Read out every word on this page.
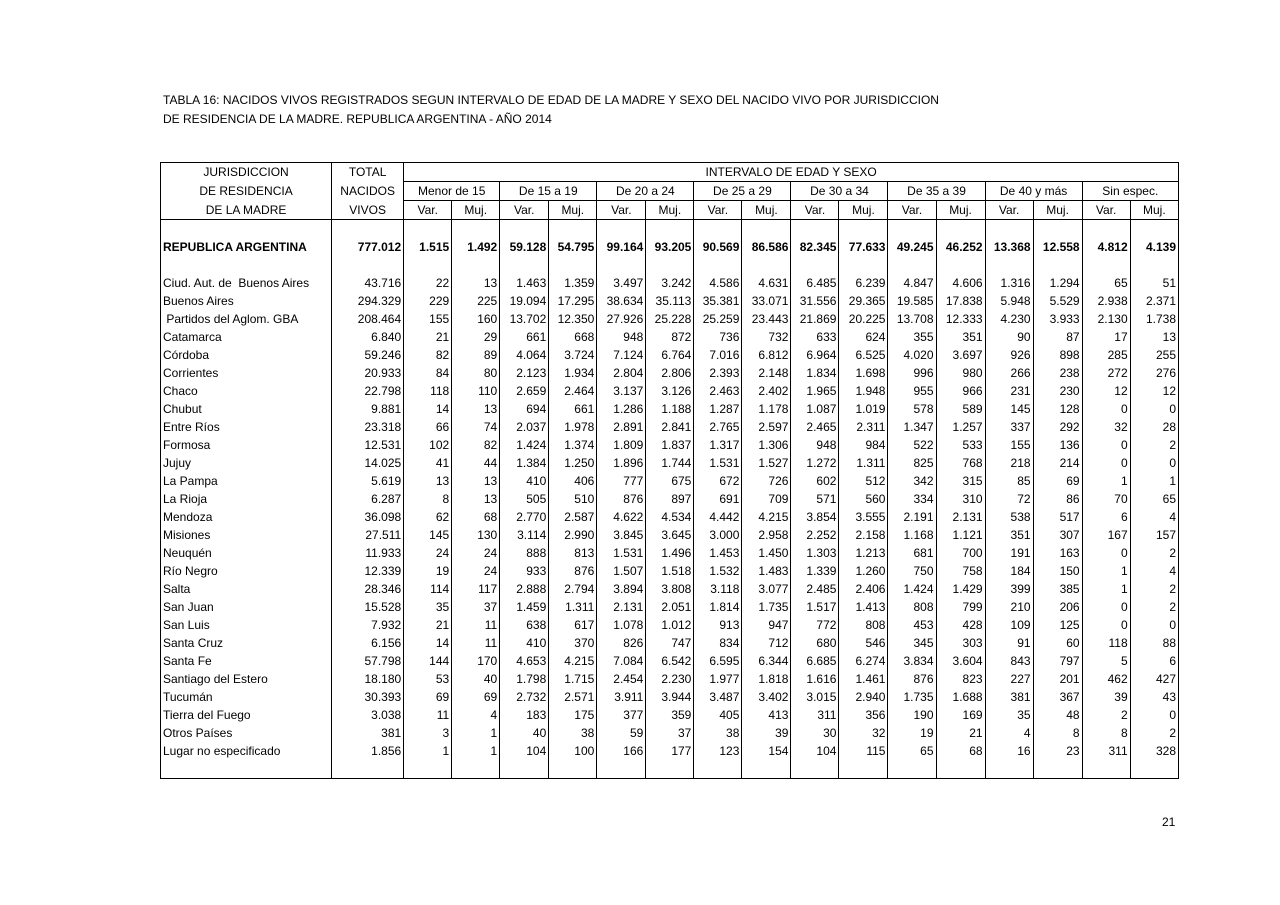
TABLA 16: NACIDOS VIVOS REGISTRADOS SEGUN INTERVALO DE EDAD DE LA MADRE Y SEXO DEL NACIDO VIVO POR JURISDICCION
DE RESIDENCIA DE LA MADRE. REPUBLICA ARGENTINA - AÑO 2014
JURISDICCION	TOTAL	INTERVALO DE EDAD Y SEXO															
DE RESIDENCIA	NACIDOS	Menor de 15		De 15 a 19		De 20 a 24		De 25 a 29		De 30 a 34		De 35 a 39		De 40 y más		Sin espec.	
DE LA MADRE	VIVOS	Var.	Muj.	Var.	Muj.	Var.	Muj.	Var.	Muj.	Var.	Muj.	Var.	Muj.	Var.	Muj.	Var.	Muj.

REPUBLICA ARGENTINA	777.012	1.515	1.492	59.128	54.795	99.164	93.205	90.569	86.586	82.345	77.633	49.245	46.252	13.368	12.558	4.812	4.139

Ciud. Aut. de  Buenos Aires	43.716	22	13	1.463	1.359	3.497	3.242	4.586	4.631	6.485	6.239	4.847	4.606	1.316	1.294	65	51
Buenos Aires	294.329	229	225	19.094	17.295	38.634	35.113	35.381	33.071	31.556	29.365	19.585	17.838	5.948	5.529	2.938	2.371
Partidos del Aglom. GBA	208.464	155	160	13.702	12.350	27.926	25.228	25.259	23.443	21.869	20.225	13.708	12.333	4.230	3.933	2.130	1.738
Catamarca	6.840	21	29	661	668	948	872	736	732	633	624	355	351	90	87	17	13
Córdoba	59.246	82	89	4.064	3.724	7.124	6.764	7.016	6.812	6.964	6.525	4.020	3.697	926	898	285	255
Corrientes	20.933	84	80	2.123	1.934	2.804	2.806	2.393	2.148	1.834	1.698	996	980	266	238	272	276
Chaco	22.798	118	110	2.659	2.464	3.137	3.126	2.463	2.402	1.965	1.948	955	966	231	230	12	12
Chubut	9.881	14	13	694	661	1.286	1.188	1.287	1.178	1.087	1.019	578	589	145	128	0	0
Entre Ríos	23.318	66	74	2.037	1.978	2.891	2.841	2.765	2.597	2.465	2.311	1.347	1.257	337	292	32	28
Formosa	12.531	102	82	1.424	1.374	1.809	1.837	1.317	1.306	948	984	522	533	155	136	0	2
Jujuy	14.025	41	44	1.384	1.250	1.896	1.744	1.531	1.527	1.272	1.311	825	768	218	214	0	0
La Pampa	5.619	13	13	410	406	777	675	672	726	602	512	342	315	85	69	1	1
La Rioja	6.287	8	13	505	510	876	897	691	709	571	560	334	310	72	86	70	65
Mendoza	36.098	62	68	2.770	2.587	4.622	4.534	4.442	4.215	3.854	3.555	2.191	2.131	538	517	6	4
Misiones	27.511	145	130	3.114	2.990	3.845	3.645	3.000	2.958	2.252	2.158	1.168	1.121	351	307	167	157
Neuquén	11.933	24	24	888	813	1.531	1.496	1.453	1.450	1.303	1.213	681	700	191	163	0	2
Río Negro	12.339	19	24	933	876	1.507	1.518	1.532	1.483	1.339	1.260	750	758	184	150	1	4
Salta	28.346	114	117	2.888	2.794	3.894	3.808	3.118	3.077	2.485	2.406	1.424	1.429	399	385	1	2
San Juan	15.528	35	37	1.459	1.311	2.131	2.051	1.814	1.735	1.517	1.413	808	799	210	206	0	2
San Luis	7.932	21	11	638	617	1.078	1.012	913	947	772	808	453	428	109	125	0	0
Santa Cruz	6.156	14	11	410	370	826	747	834	712	680	546	345	303	91	60	118	88
Santa Fe	57.798	144	170	4.653	4.215	7.084	6.542	6.595	6.344	6.685	6.274	3.834	3.604	843	797	5	6
Santiago del Estero	18.180	53	40	1.798	1.715	2.454	2.230	1.977	1.818	1.616	1.461	876	823	227	201	462	427
Tucumán	30.393	69	69	2.732	2.571	3.911	3.944	3.487	3.402	3.015	2.940	1.735	1.688	381	367	39	43
Tierra del Fuego	3.038	11	4	183	175	377	359	405	413	311	356	190	169	35	48	2	0
Otros Países	381	3	1	40	38	59	37	38	39	30	32	19	21	4	8	8	2
Lugar no especificado	1.856	1	1	104	100	166	177	123	154	104	115	65	68	16	23	311	328

21
